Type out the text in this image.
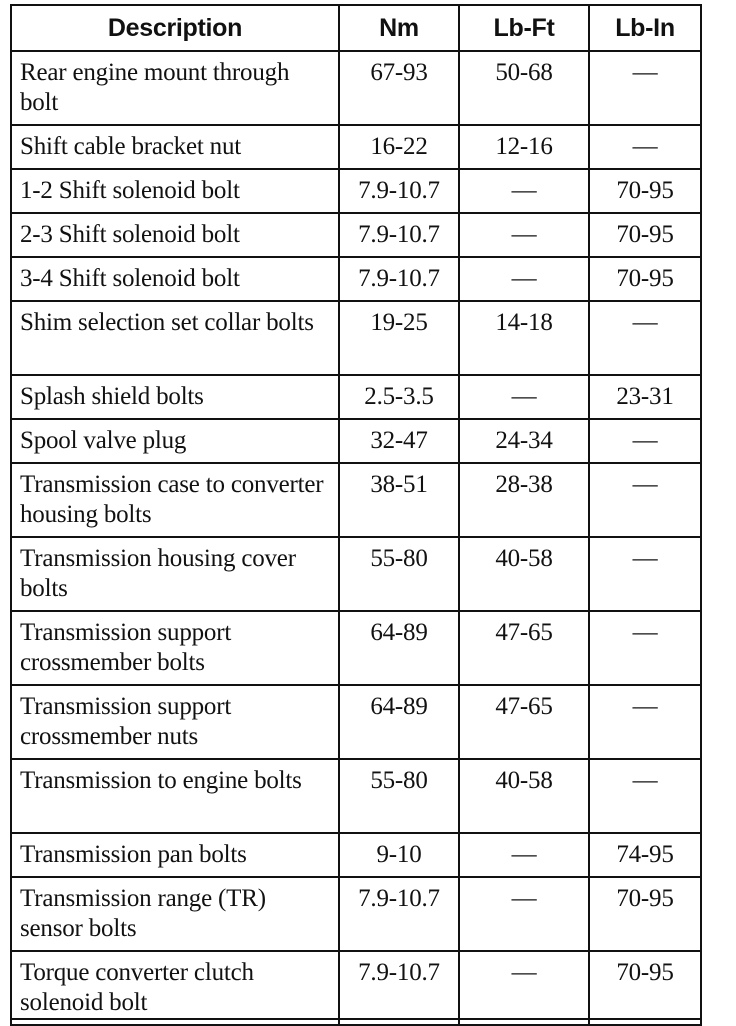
Description	Nm	Lb-Ft	Lb-In
Rear engine mount through bolt	67-93	50-68	—
Shift cable bracket nut	16-22	12-16	—
1-2 Shift solenoid bolt	7.9-10.7	—	70-95
2-3 Shift solenoid bolt	7.9-10.7	—	70-95
3-4 Shift solenoid bolt	7.9-10.7	—	70-95
Shim selection set collar bolts	19-25	14-18	—
Splash shield bolts	2.5-3.5	—	23-31
Spool valve plug	32-47	24-34	—
Transmission case to converter housing bolts	38-51	28-38	—
Transmission housing cover bolts	55-80	40-58	—
Transmission support crossmember bolts	64-89	47-65	—
Transmission support crossmember nuts	64-89	47-65	—
Transmission to engine bolts	55-80	40-58	—
Transmission pan bolts	9-10	—	74-95
Transmission range (TR) sensor bolts	7.9-10.7	—	70-95
Torque converter clutch solenoid bolt	7.9-10.7	—	70-95
